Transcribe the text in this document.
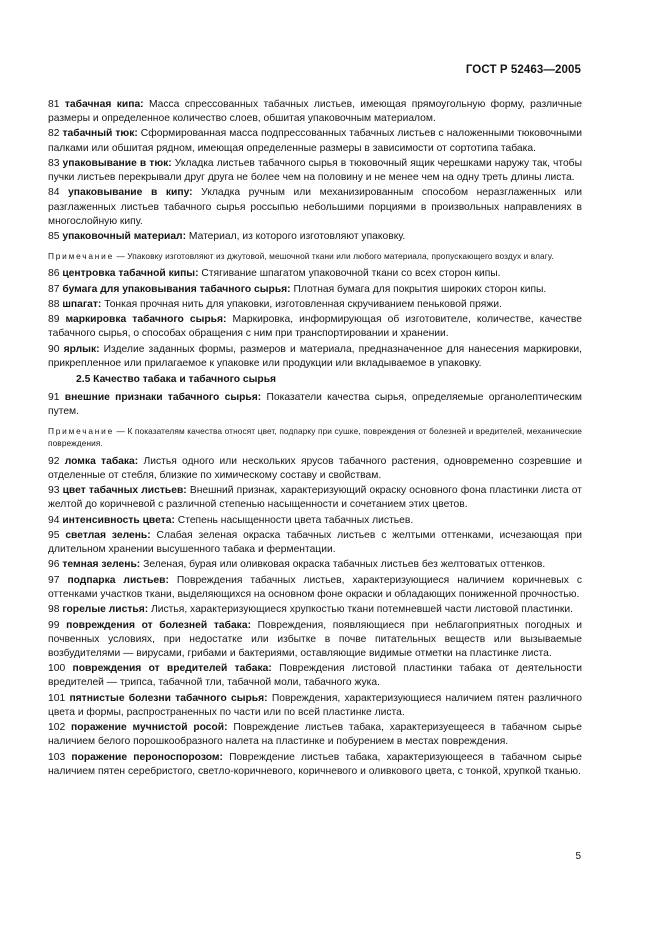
ГОСТ Р 52463—2005
81 табачная кипа: Масса спрессованных табачных листьев, имеющая прямоугольную форму, различные размеры и определенное количество слоев, обшитая упаковочным материалом.
82 табачный тюк: Сформированная масса подпрессованных табачных листьев с наложенными тюковочными палками или обшитая рядном, имеющая определенные размеры в зависимости от сортотипа табака.
83 упаковывание в тюк: Укладка листьев табачного сырья в тюковочный ящик черешками наружу так, чтобы пучки листьев перекрывали друг друга не более чем на половину и не менее чем на одну треть длины листа.
84 упаковывание в кипу: Укладка ручным или механизированным способом неразглаженных или разглаженных листьев табачного сырья россыпью небольшими порциями в произвольных направлениях в многослойную кипу.
85 упаковочный материал: Материал, из которого изготовляют упаковку.
Примечание — Упаковку изготовляют из джутовой, мешочной ткани или любого материала, пропускающего воздух и влагу.
86 центровка табачной кипы: Стягивание шпагатом упаковочной ткани со всех сторон кипы.
87 бумага для упаковывания табачного сырья: Плотная бумага для покрытия широких сторон кипы.
88 шпагат: Тонкая прочная нить для упаковки, изготовленная скручиванием пеньковой пряжи.
89 маркировка табачного сырья: Маркировка, информирующая об изготовителе, количестве, качестве табачного сырья, о способах обращения с ним при транспортировании и хранении.
90 ярлык: Изделие заданных формы, размеров и материала, предназначенное для нанесения маркировки, прикрепленное или прилагаемое к упаковке или продукции или вкладываемое в упаковку.
2.5 Качество табака и табачного сырья
91 внешние признаки табачного сырья: Показатели качества сырья, определяемые органолептическим путем.
Примечание — К показателям качества относят цвет, подпарку при сушке, повреждения от болезней и вредителей, механические повреждения.
92 ломка табака: Листья одного или нескольких ярусов табачного растения, одновременно созревшие и отделенные от стебля, близкие по химическому составу и свойствам.
93 цвет табачных листьев: Внешний признак, характеризующий окраску основного фона пластинки листа от желтой до коричневой с различной степенью насыщенности и сочетанием этих цветов.
94 интенсивность цвета: Степень насыщенности цвета табачных листьев.
95 светлая зелень: Слабая зеленая окраска табачных листьев с желтыми оттенками, исчезающая при длительном хранении высушенного табака и ферментации.
96 темная зелень: Зеленая, бурая или оливковая окраска табачных листьев без желтоватых оттенков.
97 подпарка листьев: Повреждения табачных листьев, характеризующиеся наличием коричневых с оттенками участков ткани, выделяющихся на основном фоне окраски и обладающих пониженной прочностью.
98 горелые листья: Листья, характеризующиеся хрупкостью ткани потемневшей части листовой пластинки.
99 повреждения от болезней табака: Повреждения, появляющиеся при неблагоприятных погодных и почвенных условиях, при недостатке или избытке в почве питательных веществ или вызываемые возбудителями — вирусами, грибами и бактериями, оставляющие видимые отметки на пластинке листа.
100 повреждения от вредителей табака: Повреждения листовой пластинки табака от деятельности вредителей — трипса, табачной тли, табачной моли, табачного жука.
101 пятнистые болезни табачного сырья: Повреждения, характеризующиеся наличием пятен различного цвета и формы, распространенных по части или по всей пластинке листа.
102 поражение мучнистой росой: Повреждение листьев табака, характеризуещееся в табачном сырье наличием белого порошкообразного налета на пластинке и побурением в местах повреждения.
103 поражение пероноспорозом: Повреждение листьев табака, характеризующееся в табачном сырье наличием пятен серебристого, светло-коричневого, коричневого и оливкового цвета, с тонкой, хрупкой тканью.
5
